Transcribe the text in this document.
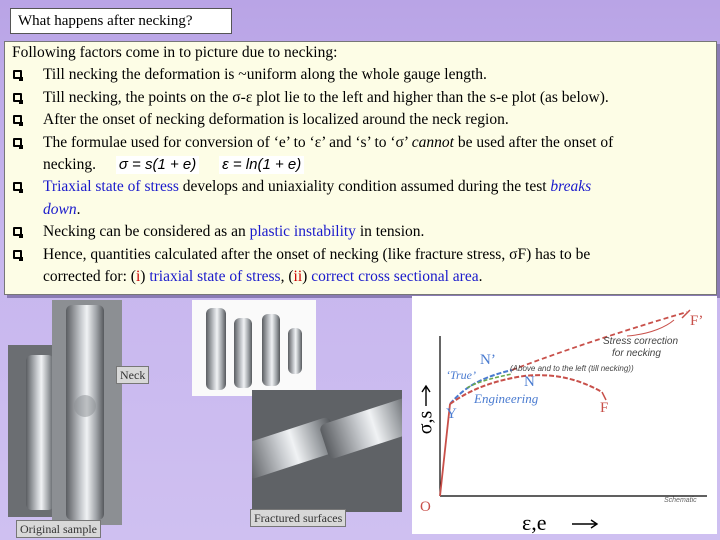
What happens after necking?
Following factors come in to picture due to necking:
Till necking the deformation is ~uniform along the whole gauge length.
Till necking, the points on the σ-ε plot lie to the left and higher than the s-e plot (as below).
After the onset of necking deformation is localized around the neck region.
The formulae used for conversion of ‘e’ to ‘ε’ and ‘s’ to ‘σ’ cannot be used after the onset of
necking. σ = s(1 + e) ε = ln(1 + e)
Triaxial state of stress develops and uniaxiality condition assumed during the test breaks
down.
Necking can be considered as an plastic instability in tension.
Hence, quantities calculated after the onset of necking (like fracture stress, σF) has to be
corrected for: (i) triaxial state of stress, (ii) correct cross sectional area.
Neck
Original sample
Fractured surfaces
F’
N’
‘True’	(Above and to the left (till necking))
N
Engineering
F
Y
O
Stress correction
for necking
σ,s
ε,e
Schematic
